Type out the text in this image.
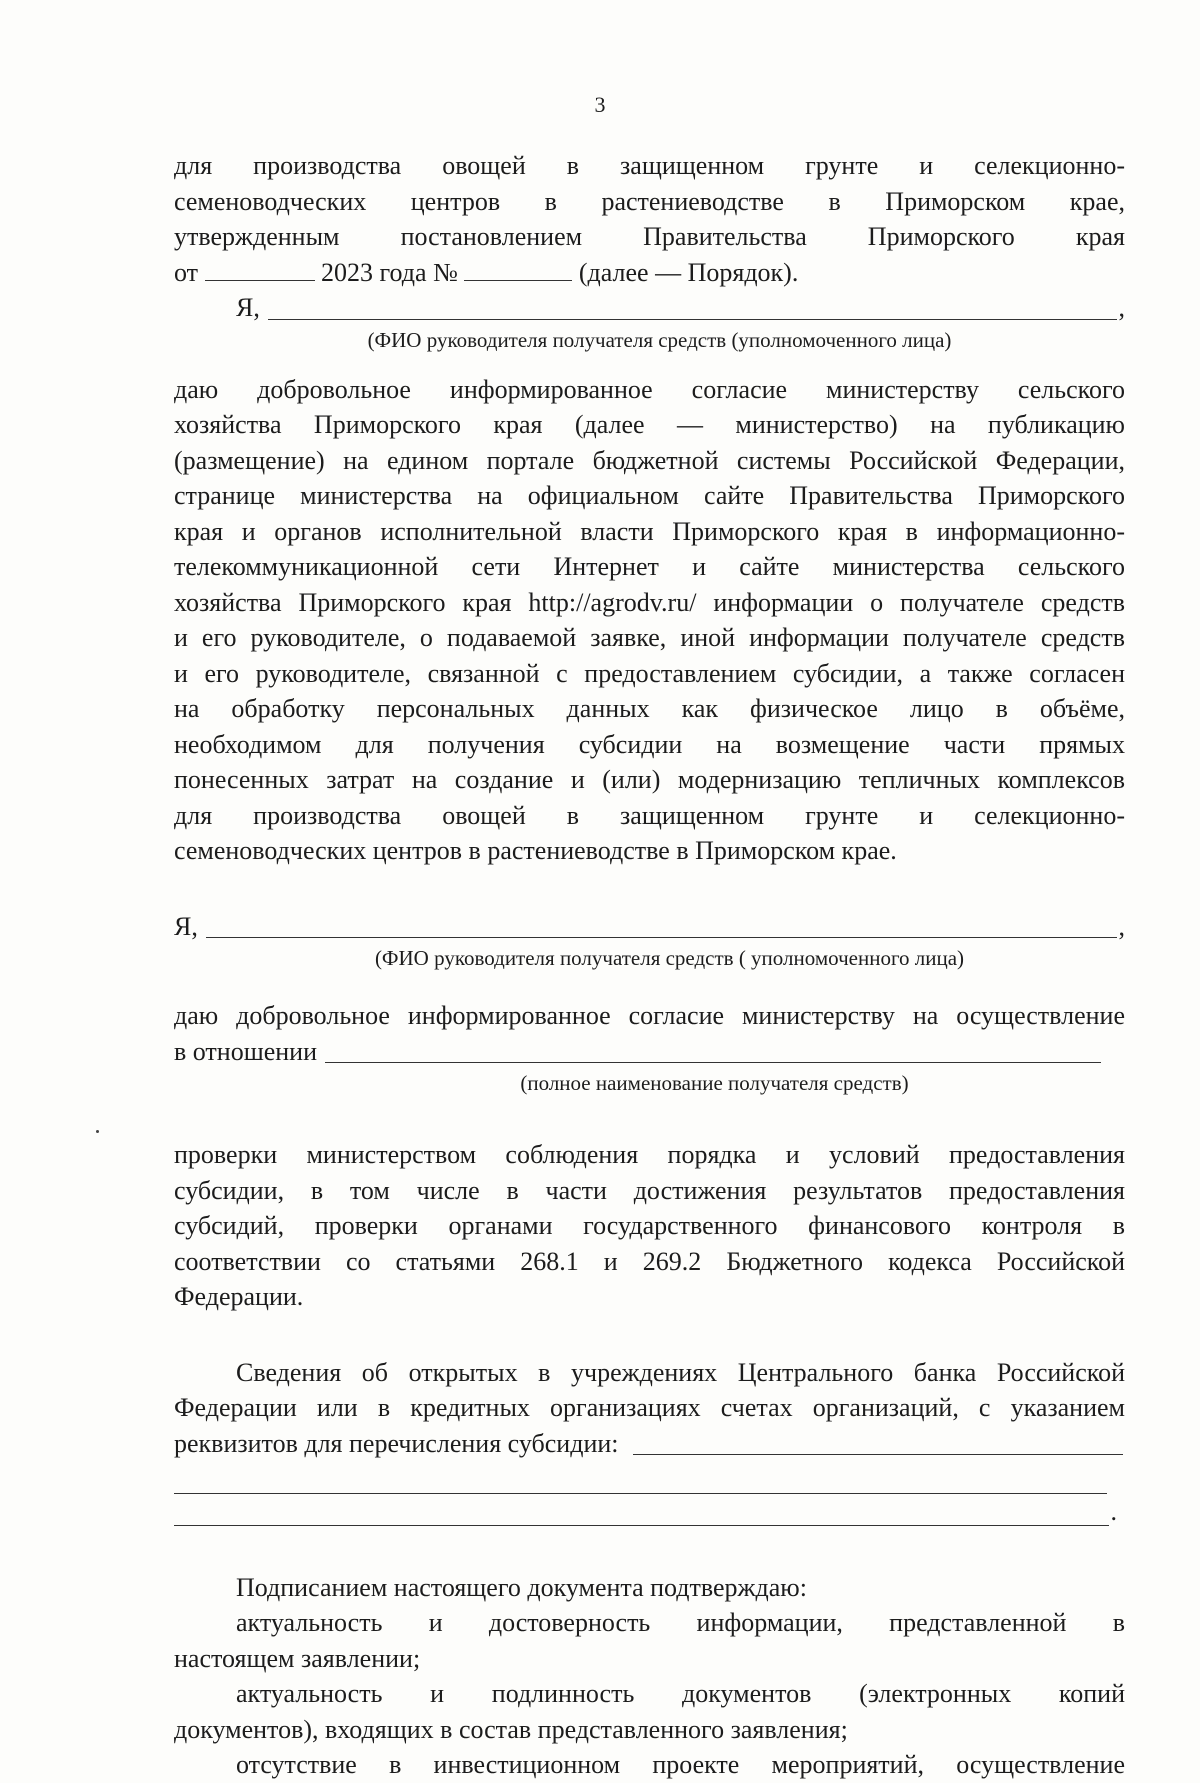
3

для производства овощей в защищенном грунте и селекционно-

семеноводческих центров в растениеводстве в Приморском крае,

утвержденным постановлением Правительства Приморского края

от	2023 года №	(далее — Порядок).

Я,	,

(ФИО руководителя получателя средств (уполномоченного лица)

даю добровольное информированное согласие министерству сельского

хозяйства Приморского края (далее — министерство) на публикацию

(размещение) на едином портале бюджетной системы Российской Федерации,

странице министерства на официальном сайте Правительства Приморского

края и органов исполнительной власти Приморского края в информационно-

телекоммуникационной сети Интернет и сайте министерства сельского

хозяйства Приморского края http://agrodv.ru/ информации о получателе средств

и его руководителе, о подаваемой заявке, иной информации получателе средств

и его руководителе, связанной с предоставлением субсидии, а также согласен

на обработку персональных данных как физическое лицо в объёме,

необходимом для получения субсидии на возмещение части прямых

понесенных затрат на создание и (или) модернизацию тепличных комплексов

для производства овощей в защищенном грунте и селекционно-

семеноводческих центров в растениеводстве в Приморском крае.

Я,	,

(ФИО руководителя получателя средств ( уполномоченного лица)

даю добровольное информированное согласие министерству на осуществление

в отношении

(полное наименование получателя средств)

проверки министерством соблюдения порядка и условий предоставления

субсидии, в том числе в части достижения результатов предоставления

субсидий, проверки органами государственного финансового контроля в

соответствии со статьями 268.1 и 269.2 Бюджетного кодекса Российской

Федерации.

Сведения об открытых в учреждениях Центрального банка Российской

Федерации или в кредитных организациях счетах организаций, с указанием

реквизитов для перечисления субсидии:
.

Подписанием настоящего документа подтверждаю:

актуальность и достоверность информации, представленной в

настоящем заявлении;

актуальность и подлинность документов (электронных копий

документов), входящих в состав представленного заявления;

отсутствие в инвестиционном проекте мероприятий, осуществление
